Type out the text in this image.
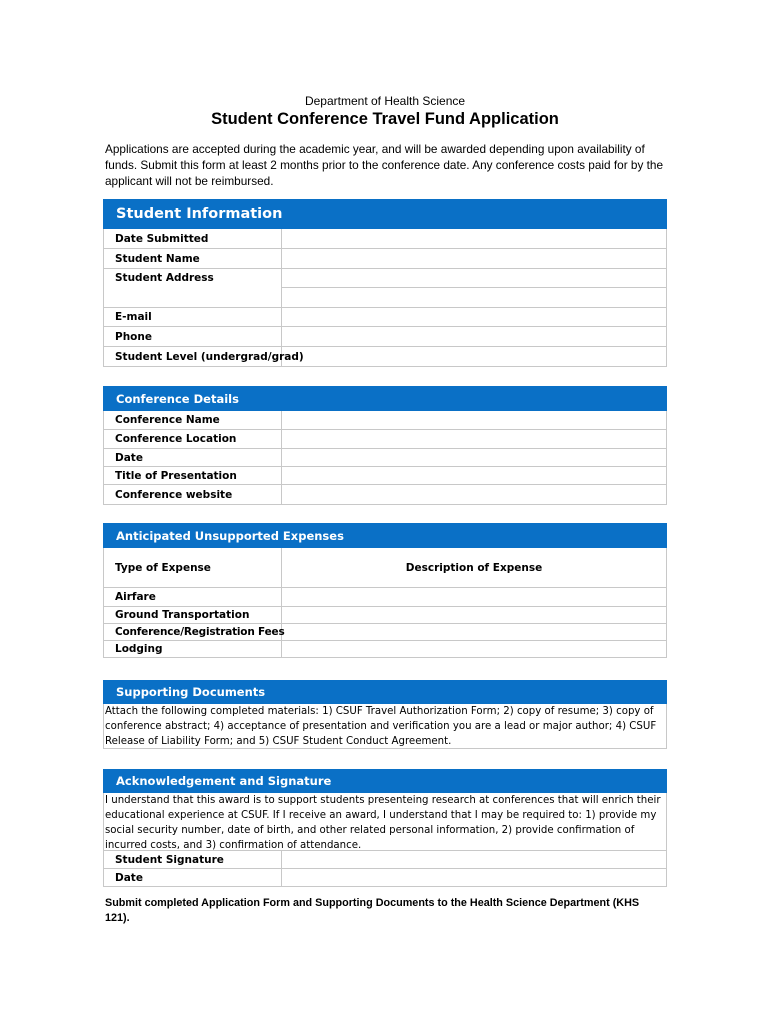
Department of Health Science
Student Conference Travel Fund Application
Applications are accepted during the academic year, and will be awarded depending upon availability of funds. Submit this form at least 2 months prior to the conference date. Any conference costs paid for by the applicant will not be reimbursed.
Student Information
Date Submitted
Student Name
Student Address
E-mail
Phone
Student Level (undergrad/grad)
Conference Details
Conference Name
Conference Location
Date
Title of Presentation
Conference website
Anticipated Unsupported Expenses
Type of Expense	Description of Expense
Airfare
Ground Transportation
Conference/Registration Fees
Lodging
Supporting Documents
Attach the following completed materials: 1) CSUF Travel Authorization Form; 2) copy of resume; 3) copy of conference abstract; 4) acceptance of presentation and verification you are a lead or major author; 4) CSUF Release of Liability Form; and 5) CSUF Student Conduct Agreement.
Acknowledgement and Signature
I understand that this award is to support students presenteing research at conferences that will enrich their educational experience at CSUF. If I receive an award, I understand that I may be required to: 1) provide my social security number, date of birth, and other related personal information, 2) provide confirmation of incurred costs, and 3) confirmation of attendance.
Student Signature
Date
Submit completed Application Form and Supporting Documents to the Health Science Department (KHS 121).
